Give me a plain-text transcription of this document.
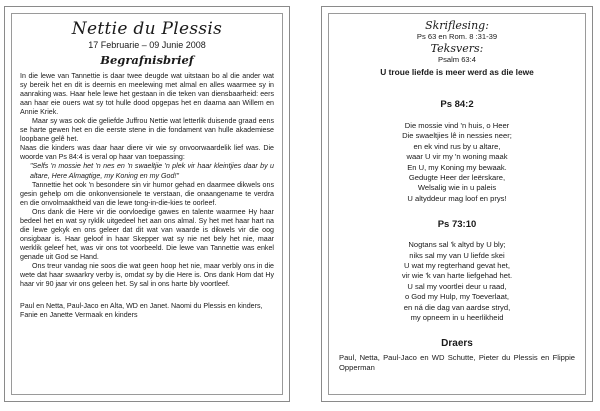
Nettie du Plessis
17 Februarie – 09 Junie 2008
Begrafnisbrief

In die lewe van Tannettie is daar twee deugde wat uitstaan bo al die ander wat sy bereik het en dit is deernis en meelewing met almal en alles waarmee sy in aanraking was. Haar hele lewe het gestaan in die teken van diensbaarheid: eers aan haar eie ouers wat sy tot hulle dood opgepas het en daarna aan Willem en Annie Kriek.

Maar sy was ook die geliefde Juffrou Nettie wat letterlik duisende graad eens se harte gewen het en die eerste stene in die fondament van hulle akademiese loopbane gelê het.

Naas die kinders was daar haar diere vir wie sy onvoorwaardelik lief was. Die woorde van Ps 84:4 is veral op haar van toepassing:

"Selfs 'n mossie het 'n nes en 'n swaeltjie 'n plek vir haar kleintjies daar by u altare, Here Almagtige, my Koning en my God!"

Tannettie het ook 'n besondere sin vir humor gehad en daarmee dikwels ons gesin gehelp om die onkonvensionele te verstaan, die onaangename te verdra en die onvolmaaktheid van die lewe tong-in-die-kies te oorleef.

Ons dank die Here vir die oorvloedige gawes en talente waarmee Hy haar bedeel het en wat sy ryklik uitgedeel het aan ons almal. Sy het met haar hart na die lewe gekyk en ons geleer dat dit wat van waarde is dikwels vir die oog onsigbaar is. Haar geloof in haar Skepper wat sy nie net bely het nie, maar werklik geleef het, was vir ons tot voorbeeld. Die lewe van Tannettie was enkel genade uit God se Hand.

Ons treur vandag nie soos die wat geen hoop het nie, maar verbly ons in die wete dat haar swaarkry verby is, omdat sy by die Here is. Ons dank Hom dat Hy haar vir 90 jaar vir ons geleen het. Sy sal in ons harte bly voortleef.

Paul en Netta, Paul-Jaco en Alta, WD en Janet. Naomi du Plessis en kinders, Fanie en Janette Vermaak en kinders
Skriflesing:
Ps 63 en Rom. 8 :31-39
Teksvers:
Psalm 63:4
U troue liefde is meer werd as die lewe
Ps 84:2
Die mossie vind 'n huis, o Heer
Die swaeltjies lê in nessies neer;
en ek vind rus by u altare,
waar U vir my 'n woning maak
En U, my Koning my bewaak.
Gedugte Heer der leërskare,
Welsalig wie in u paleis
U altyddeur mag loof en prys!
Ps 73:10
Nogtans sal 'k altyd by U bly;
niks sal my van U liefde skei
U wat my regterhand gevat het,
vir wie 'k van harte liefgehad het.
U sal my voortlei deur u raad,
o God my Hulp, my Toeverlaat,
en ná die dag van aardse stryd,
my opneem in u heerlikheid
Draers
Paul, Netta, Paul-Jaco en WD Schutte, Pieter du Plessis en Flippie Opperman
